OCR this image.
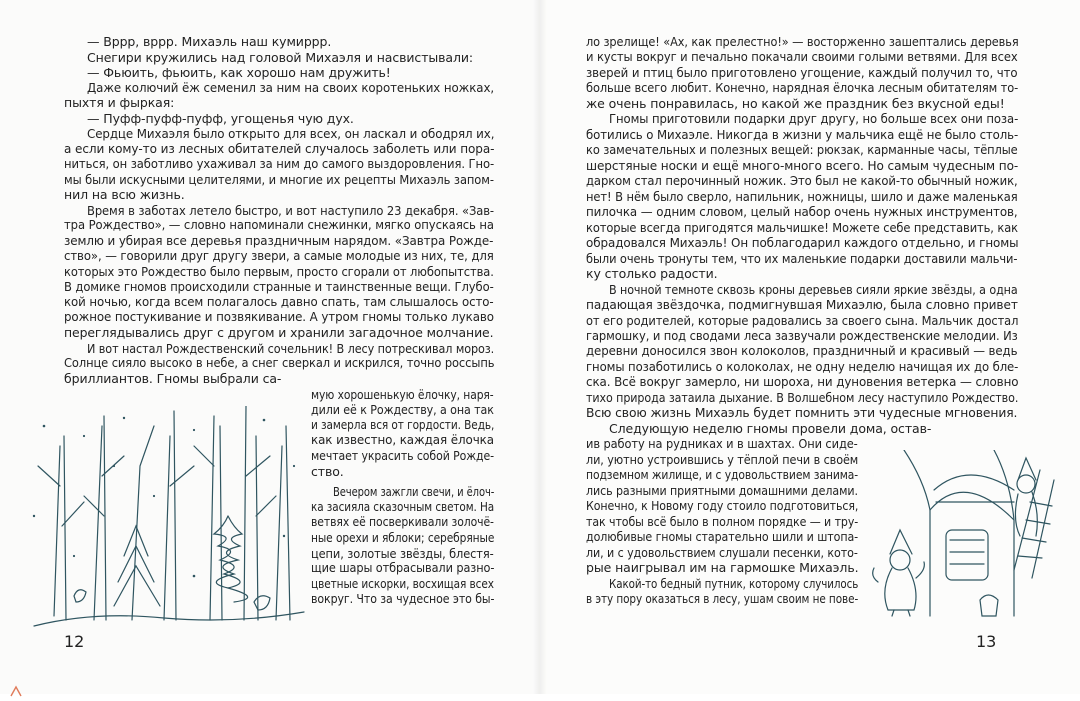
12
— Вррр, вррр. Михаэль наш кумиррр.
Снегири кружились над головой Михаэля и насвистывали:
— Фьюить, фьюить, как хорошо нам дружить!
Даже колючий ёж семенил за ним на своих коротеньких ножках,
пыхтя и фыркая:
— Пуфф-пуфф-пуфф, угощенья чую дух.
Сердце Михаэля было открыто для всех, он ласкал и ободрял их,
а если кому-то из лесных обитателей случалось заболеть или пора-
ниться, он заботливо ухаживал за ним до самого выздоровления. Гно-
мы были искусными целителями, и многие их рецепты Михаэль запом-
нил на всю жизнь.
Время в заботах летело быстро, и вот наступило 23 декабря. «Зав-
тра Рождество», — словно напоминали снежинки, мягко опускаясь на
землю и убирая все деревья праздничным нарядом. «Завтра Рожде-
ство», — говорили друг другу звери, а самые молодые из них, те, для
которых это Рождество было первым, просто сгорали от любопытства.
В домике гномов происходили странные и таинственные вещи. Глубо-
кой ночью, когда всем полагалось давно спать, там слышалось осто-
рожное постукивание и позвякивание. А утром гномы только лукаво
переглядывались друг с другом и хранили загадочное молчание.
И вот настал Рождественский сочельник! В лесу потрескивал мороз.
Солнце сияло высоко в небе, а снег сверкал и искрился, точно россыпь
бриллиантов. Гномы выбрали са-
мую хорошенькую ёлочку, наря-
дили её к Рождеству, а она так
и замерла вся от гордости. Ведь,
как известно, каждая ёлочка
мечтает украсить собой Рожде-
ство.
Вечером зажгли свечи, и ёлоч-
ка засияла сказочным светом. На
ветвях её посверкивали золочё-
ные орехи и яблоки; серебряные
цепи, золотые звёзды, блестя-
щие шары отбрасывали разно-
цветные искорки, восхищая всех
вокруг. Что за чудесное это бы-
13
ло зрелище! «Ах, как прелестно!» — восторженно зашептались деревья
и кусты вокруг и печально покачали своими голыми ветвями. Для всех
зверей и птиц было приготовлено угощение, каждый получил то, что
больше всего любит. Конечно, нарядная ёлочка лесным обитателям то-
же очень понравилась, но какой же праздник без вкусной еды!
Гномы приготовили подарки друг другу, но больше всех они поза-
ботились о Михаэле. Никогда в жизни у мальчика ещё не было столь-
ко замечательных и полезных вещей: рюкзак, карманные часы, тёплые
шерстяные носки и ещё много-много всего. Но самым чудесным по-
дарком стал перочинный ножик. Это был не какой-то обычный ножик,
нет! В нём было сверло, напильник, ножницы, шило и даже маленькая
пилочка — одним словом, целый набор очень нужных инструментов,
которые всегда пригодятся мальчишке! Можете себе представить, как
обрадовался Михаэль! Он поблагодарил каждого отдельно, и гномы
были очень тронуты тем, что их маленькие подарки доставили мальчи-
ку столько радости.
В ночной темноте сквозь кроны деревьев сияли яркие звёзды, а одна
падающая звёздочка, подмигнувшая Михаэлю, была словно привет
от его родителей, которые радовались за своего сына. Мальчик достал
гармошку, и под сводами леса зазвучали рождественские мелодии. Из
деревни доносился звон колоколов, праздничный и красивый — ведь
гномы позаботились о колоколах, не одну неделю начищая их до бле-
ска. Всё вокруг замерло, ни шороха, ни дуновения ветерка — словно
тихо природа затаила дыхание. В Волшебном лесу наступило Рождество.
Всю свою жизнь Михаэль будет помнить эти чудесные мгновения.
Следующую неделю гномы провели дома, остав-
ив работу на рудниках и в шахтах. Они сиде-
ли, уютно устроившись у тёплой печи в своём
подземном жилище, и с удовольствием занима-
лись разными приятными домашними делами.
Конечно, к Новому году стоило подготовиться,
так чтобы всё было в полном порядке — и тру-
долюбивые гномы старательно шили и штопа-
ли, и с удовольствием слушали песенки, кото-
рые наигрывал им на гармошке Михаэль.
Какой-то бедный путник, которому случилось
в эту пору оказаться в лесу, ушам своим не пове-
